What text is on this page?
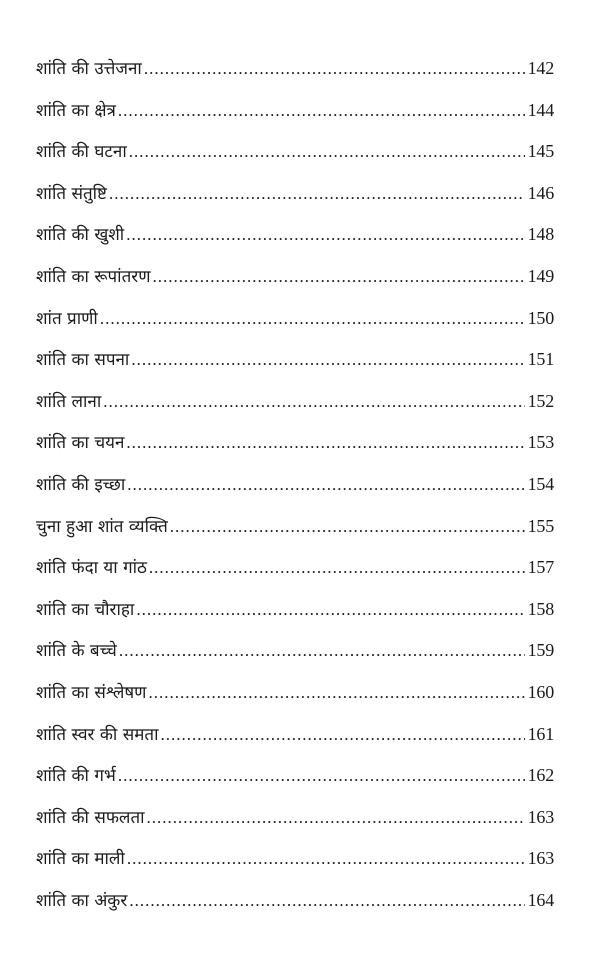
शांति की उत्तेजना .....	142
शांति का क्षेत्र .....	144
शांति की घटना .....	145
शांति संतुष्टि .....	146
शांति की खुशी .....	148
शांति का रूपांतरण .....	149
शांत प्राणी .....	150
शांति का सपना .....	151
शांति लाना .....	152
शांति का चयन .....	153
शांति की इच्छा .....	154
चुना हुआ शांत व्यक्ति .....	155
शांति फंदा या गांठ .....	157
शांति का चौराहा .....	158
शांति के बच्चे .....	159
शांति का संश्लेषण .....	160
शांति स्वर की समता .....	161
शांति की गर्भ .....	162
शांति की सफलता .....	163
शांति का माली .....	163
शांति का अंकुर .....	164
